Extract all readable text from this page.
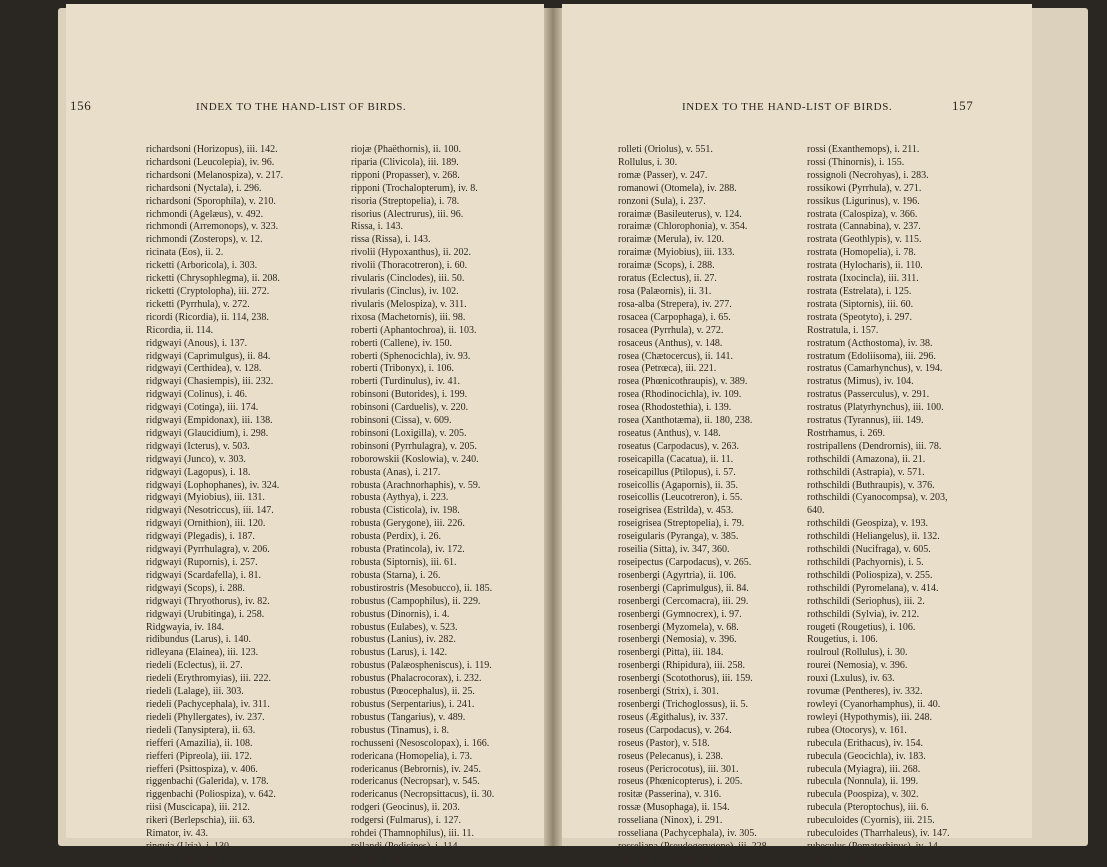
156	INDEX TO THE HAND-LIST OF BIRDS.
richardsoni (Horizopus), iii. 142.
richardsoni (Leucolepia), iv. 96.
richardsoni (Melanospiza), v. 217.
richardsoni (Nyctala), i. 296.
richardsoni (Sporophila), v. 210.
richmondi (Agelæus), v. 492.
richmondi (Arremonops), v. 323.
richmondi (Zosterops), v. 12.
ricinata (Eos), ii. 2.
ricketti (Arboricola), i. 303.
ricketti (Chrysophlegma), ii. 208.
ricketti (Cryptolopha), iii. 272.
ricketti (Pyrrhula), v. 272.
ricordi (Ricordia), ii. 114, 238.
Ricordia, ii. 114.
ridgwayi (Anous), i. 137.
ridgwayi (Caprimulgus), ii. 84.
ridgwayi (Certhidea), v. 128.
ridgwayi (Chasiempis), iii. 232.
ridgwayi (Colinus), i. 46.
ridgwayi (Cotinga), iii. 174.
ridgwayi (Empidonax), iii. 138.
ridgwayi (Glaucidium), i. 298.
ridgwayi (Icterus), v. 503.
ridgwayi (Junco), v. 303.
ridgwayi (Lagopus), i. 18.
ridgwayi (Lophophanes), iv. 324.
ridgwayi (Myiobius), iii. 131.
ridgwayi (Nesotriccus), iii. 147.
ridgwayi (Ornithion), iii. 120.
ridgwayi (Plegadis), i. 187.
ridgwayi (Pyrrhulagra), v. 206.
ridgwayi (Rupornis), i. 257.
ridgwayi (Scardafella), i. 81.
ridgwayi (Scops), i. 288.
ridgwayi (Thryothorus), iv. 82.
ridgwayi (Urubitinga), i. 258.
Ridgwayia, iv. 184.
ridibundus (Larus), i. 140.
ridleyana (Elainea), iii. 123.
riedeli (Eclectus), ii. 27.
riedeli (Erythromyias), iii. 222.
riedeli (Lalage), iii. 303.
riedeli (Pachycephala), iv. 311.
riedeli (Phyllergates), iv. 237.
riedeli (Tanysiptera), ii. 63.
riefferi (Amazilia), ii. 108.
riefferi (Pipreola), iii. 172.
riefferi (Psittospiza), v. 406.
riggenbachi (Galerida), v. 178.
riggenbachi (Poliospiza), v. 642.
riisi (Muscicapa), iii. 212.
rikeri (Berlepschia), iii. 63.
Rimator, iv. 43.
ringvia (Uria), i. 130.
riocouri (Nauclerus), i. 268.
riojæ (Phaëthornis), ii. 100.
riparia (Clivicola), iii. 189.
ripponi (Propasser), v. 268.
ripponi (Trochalopterum), iv. 8.
risoria (Streptopelia), i. 78.
risorius (Alectrurus), iii. 96.
Rissa, i. 143.
rissa (Rissa), i. 143.
rivolii (Hypoxanthus), ii. 202.
rivolii (Thoracotreron), i. 60.
rivularis (Cinclodes), iii. 50.
rivularis (Cinclus), iv. 102.
rivularis (Melospiza), v. 311.
rixosa (Machetornis), iii. 98.
roberti (Aphantochroa), ii. 103.
roberti (Callene), iv. 150.
roberti (Sphenocichla), iv. 93.
roberti (Tribonyx), i. 106.
roberti (Turdinulus), iv. 41.
robinsoni (Butorides), i. 199.
robinsoni (Carduelis), v. 220.
robinsoni (Cissa), v. 609.
robinsoni (Loxigilla), v. 205.
robinsoni (Pyrrhulagra), v. 205.
roborowskii (Koslowia), v. 240.
robusta (Anas), i. 217.
robusta (Arachnorhaphis), v. 59.
robusta (Aythya), i. 223.
robusta (Cisticola), iv. 198.
robusta (Gerygone), iii. 226.
robusta (Perdix), i. 26.
robusta (Pratincola), iv. 172.
robusta (Siptornis), iii. 61.
robusta (Starna), i. 26.
robustirostris (Mesobucco), ii. 185.
robustus (Campophilus), ii. 229.
robustus (Dinornis), i. 4.
robustus (Eulabes), v. 523.
robustus (Lanius), iv. 282.
robustus (Larus), i. 142.
robustus (Palæospheniscus), i. 119.
robustus (Phalacrocorax), i. 232.
robustus (Pœocephalus), ii. 25.
robustus (Serpentarius), i. 241.
robustus (Tangarius), v. 489.
robustus (Tinamus), i. 8.
rochusseni (Nesoscolopax), i. 166.
rodericana (Homopelia), i. 73.
rodericanus (Bebrornis), iv. 245.
rodericanus (Necropsar), v. 545.
rodericanus (Necropsittacus), ii. 30.
rodgeri (Geocinus), ii. 203.
rodgersi (Fulmarus), i. 127.
rohdei (Thamnophilus), iii. 11.
rollandi (Podicipes), i. 114.
rolleti (Erythrobucco), ii. 178.
INDEX TO THE HAND-LIST OF BIRDS.	157
rolleti (Oriolus), v. 551.
Rollulus, i. 30.
romæ (Passer), v. 247.
romanowi (Otomela), iv. 288.
ronzoni (Sula), i. 237.
roraimæ (Basileuterus), v. 124.
roraimæ (Chlorophonia), v. 354.
roraimæ (Merula), iv. 120.
roraimæ (Myiobius), iii. 133.
roraimæ (Scops), i. 288.
roratus (Eclectus), ii. 27.
rosa (Palæornis), ii. 31.
rosa-alba (Strepera), iv. 277.
rosacea (Carpophaga), i. 65.
rosacea (Pyrrhula), v. 272.
rosaceus (Anthus), v. 148.
rosea (Chætocercus), ii. 141.
rosea (Petrœca), iii. 221.
rosea (Phœnicothraupis), v. 389.
rosea (Rhodinocichla), iv. 109.
rosea (Rhodostethia), i. 139.
rosea (Xanthotæma), ii. 180, 238.
roseatus (Anthus), v. 148.
roseatus (Carpodacus), v. 263.
roseicapilla (Cacatua), ii. 11.
roseicapillus (Ptilopus), i. 57.
roseicollis (Agapornis), ii. 35.
roseicollis (Leucotreron), i. 55.
roseigrisea (Estrilda), v. 453.
roseigrisea (Streptopelia), i. 79.
roseigularis (Pyranga), v. 385.
roseilia (Sitta), iv. 347, 360.
roseipectus (Carpodacus), v. 265.
rosenbergi (Agyrtria), ii. 106.
rosenbergi (Caprimulgus), ii. 84.
rosenbergi (Cercomacra), iii. 29.
rosenbergi (Gymnocrex), i. 97.
rosenbergi (Myzomela), v. 68.
rosenbergi (Nemosia), v. 396.
rosenbergi (Pitta), iii. 184.
rosenbergi (Rhipidura), iii. 258.
rosenbergi (Scotothorus), iii. 159.
rosenbergi (Strix), i. 301.
rosenbergi (Trichoglossus), ii. 5.
roseus (Ægithalus), iv. 337.
roseus (Carpodacus), v. 264.
roseus (Pastor), v. 518.
roseus (Pelecanus), i. 238.
roseus (Pericrocotus), iii. 301.
roseus (Phœnicopterus), i. 205.
rositæ (Passerina), v. 316.
rossæ (Musophaga), ii. 154.
rosseliana (Ninox), i. 291.
rosseliana (Pachycephala), iv. 305.
rosseliana (Pseudogerygone), iii. 228.
rosseliana (Tanysiptera), ii. 63.
rossi (Exanthemops), i. 211.
rossi (Thinornis), i. 155.
rossignoli (Necrohyas), i. 283.
rossikowi (Pyrrhula), v. 271.
rossikus (Ligurinus), v. 196.
rostrata (Calospiza), v. 366.
rostrata (Cannabina), v. 237.
rostrata (Geothlypis), v. 115.
rostrata (Homopelia), i. 78.
rostrata (Hylocharis), ii. 110.
rostrata (Ixocincla), iii. 311.
rostrata (Estrelata), i. 125.
rostrata (Siptornis), iii. 60.
rostrata (Speotyto), i. 297.
Rostratula, i. 157.
rostratum (Acthostoma), iv. 38.
rostratum (Edoliisoma), iii. 296.
rostratus (Camarhynchus), v. 194.
rostratus (Mimus), iv. 104.
rostratus (Passerculus), v. 291.
rostratus (Platyrhynchus), iii. 100.
rostratus (Tyrannus), iii. 149.
Rostrhamus, i. 269.
rostripallens (Dendrornis), iii. 78.
rothschildi (Amazona), ii. 21.
rothschildi (Astrapia), v. 571.
rothschildi (Buthraupis), v. 376.
rothschildi (Cyanocompsa), v. 203,
640.
rothschildi (Geospiza), v. 193.
rothschildi (Heliangelus), ii. 132.
rothschildi (Nucifraga), v. 605.
rothschildi (Pachyornis), i. 5.
rothschildi (Poliospiza), v. 255.
rothschildi (Pyromelana), v. 414.
rothschildi (Seriophus), iii. 2.
rothschildi (Sylvia), iv. 212.
rougeti (Rougetius), i. 106.
Rougetius, i. 106.
roulroul (Rollulus), i. 30.
rourei (Nemosia), v. 396.
rouxi (Lxulus), iv. 63.
rovumæ (Pentheres), iv. 332.
rowleyi (Cyanorhamphus), ii. 40.
rowleyi (Hypothymis), iii. 248.
rubea (Otocorys), v. 161.
rubecula (Erithacus), iv. 154.
rubecula (Geocichla), iv. 183.
rubecula (Myiagra), iii. 268.
rubecula (Nonnula), ii. 199.
rubecula (Poospiza), v. 302.
rubecula (Pteroptochus), iii. 6.
rubeculoides (Cyornis), iii. 215.
rubeculoides (Tharrhaleus), iv. 147.
rubeculus (Pomatorhinus), iv. 14.
ruber (Creciscus), i. 105.
